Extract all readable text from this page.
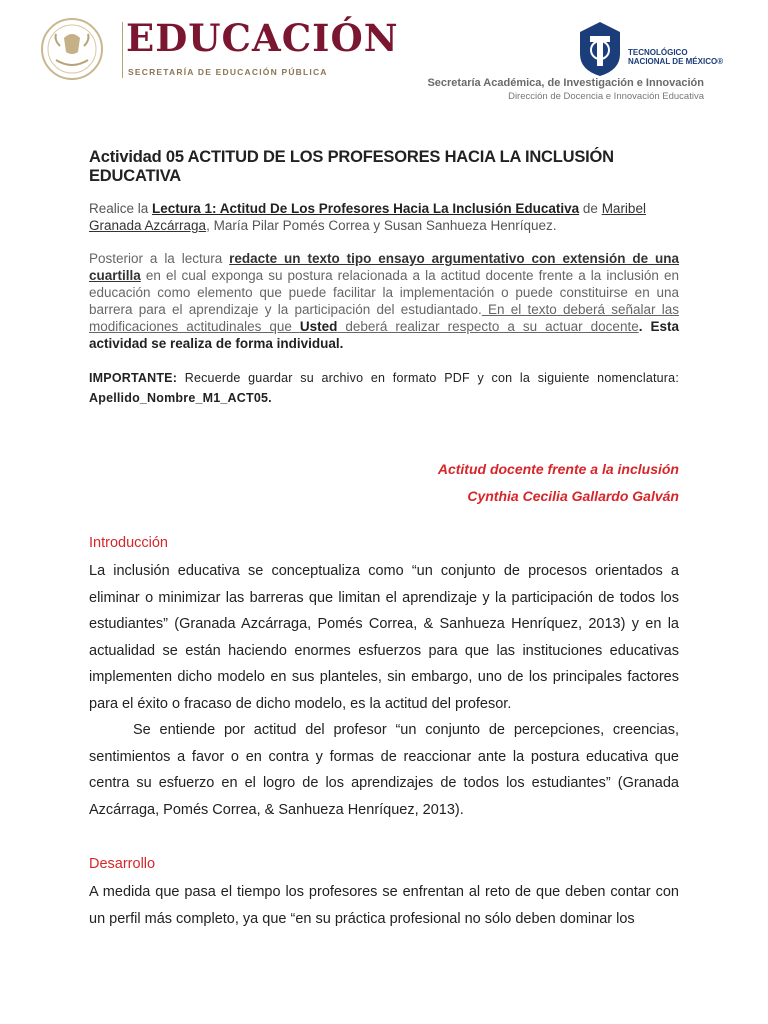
EDUCACIÓN
SECRETARÍA DE EDUCACIÓN PÚBLICA
TECNOLÓGICO
NACIONAL DE MÉXICO®
Secretaría Académica, de Investigación e Innovación
Dirección de Docencia e Innovación Educativa
Actividad 05 ACTITUD DE LOS PROFESORES HACIA LA INCLUSIÓN EDUCATIVA

Realice la Lectura 1: Actitud De Los Profesores Hacia La Inclusión Educativa de Maribel Granada Azcárraga, María Pilar Pomés Correa y Susan Sanhueza Henríquez.

Posterior a la lectura redacte un texto tipo ensayo argumentativo con extensión de una cuartilla en el cual exponga su postura relacionada a la actitud docente frente a la inclusión en educación como elemento que puede facilitar la implementación o puede constituirse en una barrera para el aprendizaje y la participación del estudiantado. En el texto deberá señalar las modificaciones actitudinales que Usted deberá realizar respecto a su actuar docente. Esta actividad se realiza de forma individual.

IMPORTANTE: Recuerde guardar su archivo en formato PDF y con la siguiente nomenclatura: Apellido_Nombre_M1_ACT05.

Actitud docente frente a la inclusión
Cynthia Cecilia Gallardo Galván
Introducción

La inclusión educativa se conceptualiza como “un conjunto de procesos orientados a eliminar o minimizar las barreras que limitan el aprendizaje y la participación de todos los estudiantes” (Granada Azcárraga, Pomés Correa, & Sanhueza Henríquez, 2013) y en la actualidad se están haciendo enormes esfuerzos para que las instituciones educativas implementen dicho modelo en sus planteles, sin embargo, uno de los principales factores para el éxito o fracaso de dicho modelo, es la actitud del profesor.

Se entiende por actitud del profesor “un conjunto de percepciones, creencias, sentimientos a favor o en contra y formas de reaccionar ante la postura educativa que centra su esfuerzo en el logro de los aprendizajes de todos los estudiantes” (Granada Azcárraga, Pomés Correa, & Sanhueza Henríquez, 2013).

Desarrollo

A medida que pasa el tiempo los profesores se enfrentan al reto de que deben contar con un perfil más completo, ya que “en su práctica profesional no sólo deben dominar los
